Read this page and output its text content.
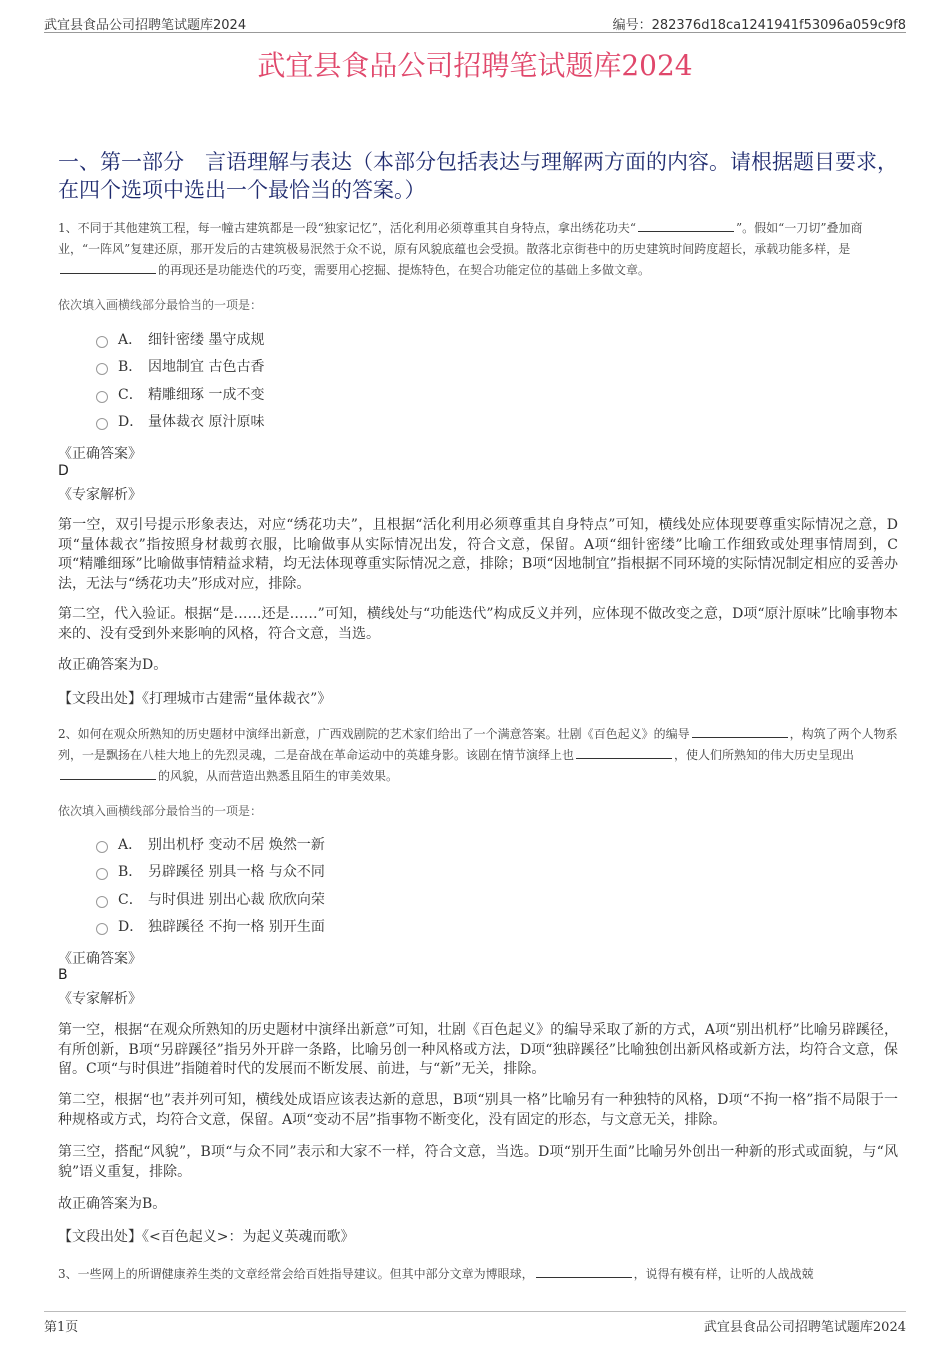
武宜县食品公司招聘笔试题库2024	编号：282376d18ca1241941f53096a059c9f8
武宜县食品公司招聘笔试题库2024
一、第一部分　言语理解与表达（本部分包括表达与理解两方面的内容。请根据题目要求，在四个选项中选出一个最恰当的答案。）
1、不同于其他建筑工程，每一幢古建筑都是一段“独家记忆”，活化利用必须尊重其自身特点，拿出绣花功夫“	”。假如“一刀切”叠加商业，“一阵风”复建还原，那开发后的古建筑极易泯然于众不说，原有风貌底蕴也会受损。散落北京街巷中的历史建筑时间跨度超长，承载功能多样，是的再现还是功能迭代的巧变，需要用心挖掘、提炼特色，在契合功能定位的基础上多做文章。
依次填入画横线部分最恰当的一项是：
A． 细针密缕 墨守成规
B． 因地制宜 古色古香
C． 精雕细琢 一成不变
D． 量体裁衣 原汁原味
《正确答案》
D
《专家解析》
第一空，双引号提示形象表达，对应“绣花功夫”，且根据“活化利用必须尊重其自身特点”可知，横线处应体现要尊重实际情况之意，D项“量体裁衣”指按照身材裁剪衣服，比喻做事从实际情况出发，符合文意，保留。A项“细针密缕”比喻工作细致或处理事情周到，C项“精雕细琢”比喻做事情精益求精，均无法体现尊重实际情况之意，排除；B项“因地制宜”指根据不同环境的实际情况制定相应的妥善办法，无法与“绣花功夫”形成对应，排除。
第二空，代入验证。根据“是……还是……”可知，横线处与“功能迭代”构成反义并列，应体现不做改变之意，D项“原汁原味”比喻事物本来的、没有受到外来影响的风格，符合文意，当选。
故正确答案为D。
【文段出处】《打理城市古建需“量体裁衣”》
2、如何在观众所熟知的历史题材中演绎出新意，广西戏剧院的艺术家们给出了一个满意答案。壮剧《百色起义》的编导	，构筑了两个人物系列，一是飘扬在八桂大地上的先烈灵魂，二是奋战在革命运动中的英雄身影。该剧在情节演绎上也	，使人们所熟知的伟大历史呈现出的风貌，从而营造出熟悉且陌生的审美效果。
依次填入画横线部分最恰当的一项是：
A． 别出机杼 变动不居 焕然一新
B． 另辟蹊径 别具一格 与众不同
C． 与时俱进 别出心裁 欣欣向荣
D． 独辟蹊径 不拘一格 别开生面
《正确答案》
B
《专家解析》
第一空，根据“在观众所熟知的历史题材中演绎出新意”可知，壮剧《百色起义》的编导采取了新的方式，A项“别出机杼”比喻另辟蹊径，有所创新，B项“另辟蹊径”指另外开辟一条路，比喻另创一种风格或方法，D项“独辟蹊径”比喻独创出新风格或新方法，均符合文意，保留。C项“与时俱进”指随着时代的发展而不断发展、前进，与“新”无关，排除。
第二空，根据“也”表并列可知，横线处成语应该表达新的意思，B项“别具一格”比喻另有一种独特的风格，D项“不拘一格”指不局限于一种规格或方式，均符合文意，保留。A项“变动不居”指事物不断变化，没有固定的形态，与文意无关，排除。
第三空，搭配“风貌”，B项“与众不同”表示和大家不一样，符合文意，当选。D项“别开生面”比喻另外创出一种新的形式或面貌，与“风貌”语义重复，排除。
故正确答案为B。
【文段出处】《<百色起义>：为起义英魂而歌》
3、一些网上的所谓健康养生类的文章经常会给百姓指导建议。但其中部分文章为博眼球，	，说得有模有样，让听的人战战兢
第1页	武宜县食品公司招聘笔试题库2024
